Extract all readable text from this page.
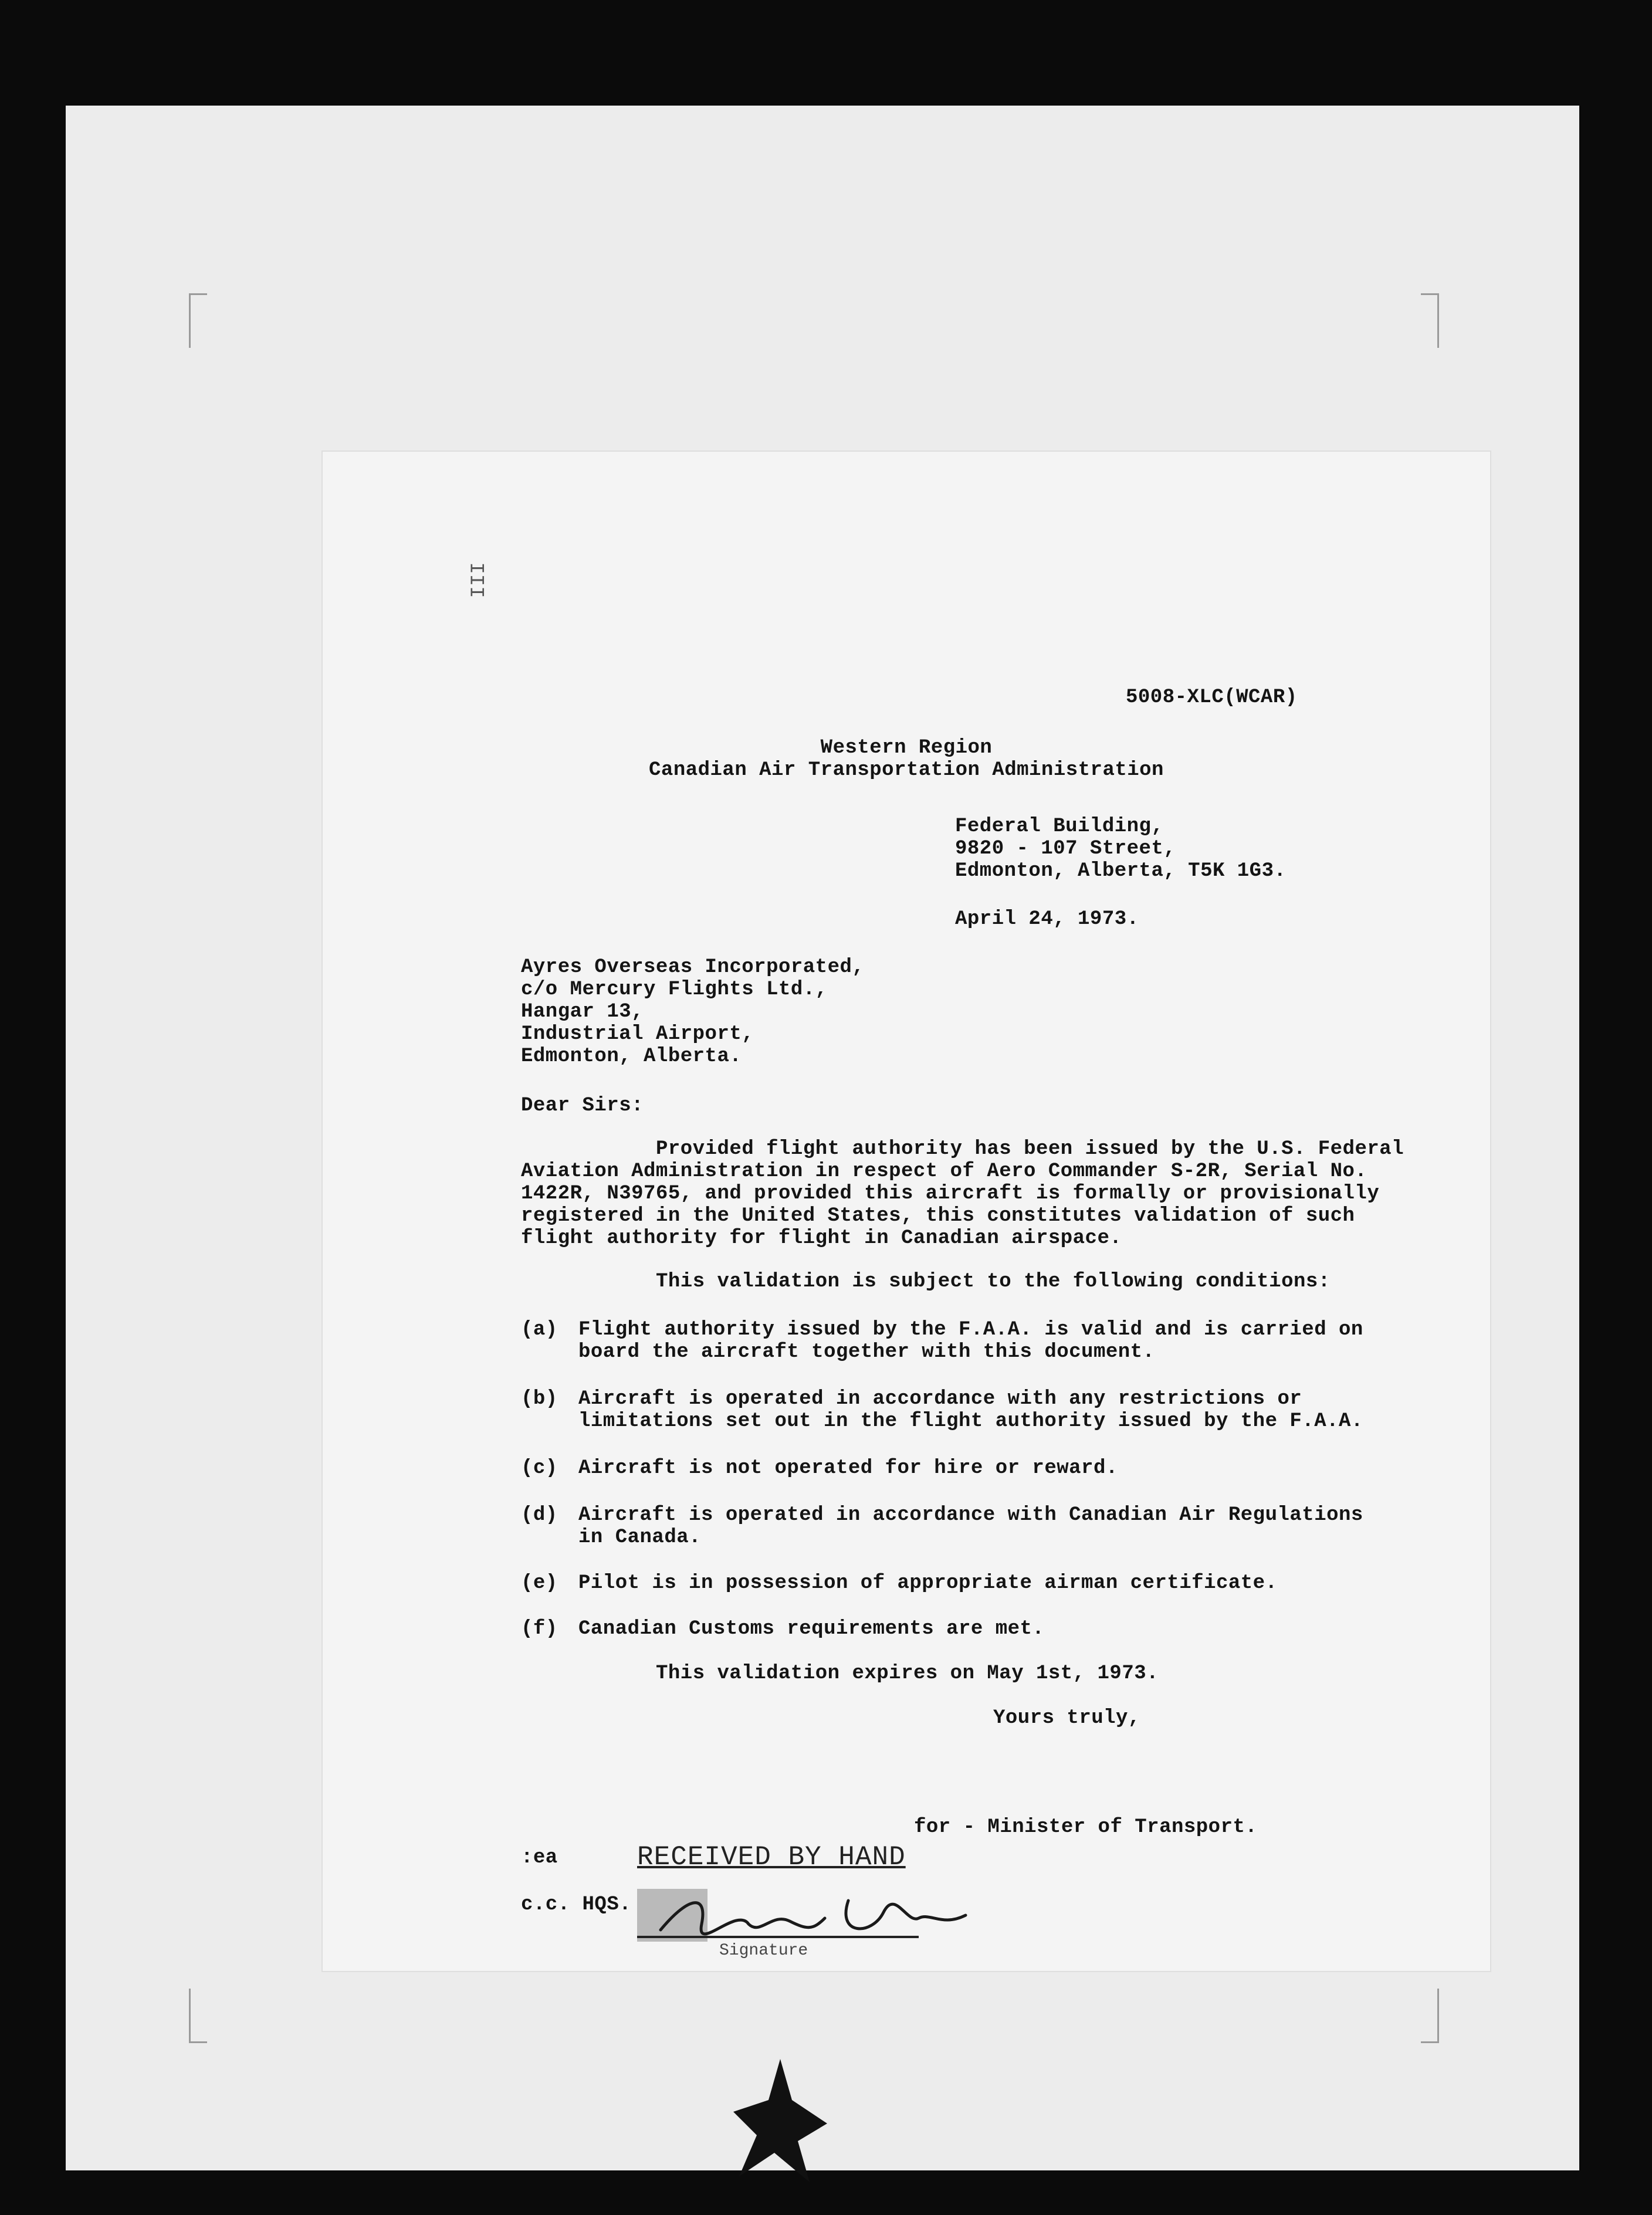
III
5008-XLC(WCAR)
Western Region
Canadian Air Transportation Administration
Federal Building,
9820 - 107 Street,
Edmonton, Alberta, T5K 1G3.
April 24, 1973.
Ayres Overseas Incorporated,
c/o Mercury Flights Ltd.,
Hangar 13,
Industrial Airport,
Edmonton, Alberta.
Dear Sirs:
Provided flight authority has been issued by the U.S. Federal
Aviation Administration in respect of Aero Commander S-2R, Serial No.
1422R, N39765, and provided this aircraft is formally or provisionally
registered in the United States, this constitutes validation of such
flight authority for flight in Canadian airspace.
This validation is subject to the following conditions:
(a) Flight authority issued by the F.A.A. is valid and is carried on
board the aircraft together with this document.
(b) Aircraft is operated in accordance with any restrictions or
limitations set out in the flight authority issued by the F.A.A.
(c) Aircraft is not operated for hire or reward.
(d) Aircraft is operated in accordance with Canadian Air Regulations
in Canada.
(e) Pilot is in possession of appropriate airman certificate.
(f) Canadian Customs requirements are met.
This validation expires on May 1st, 1973.
Yours truly,
for - Minister of Transport.
:ea
c.c. HQS.
RECEIVED BY HAND
Signature
